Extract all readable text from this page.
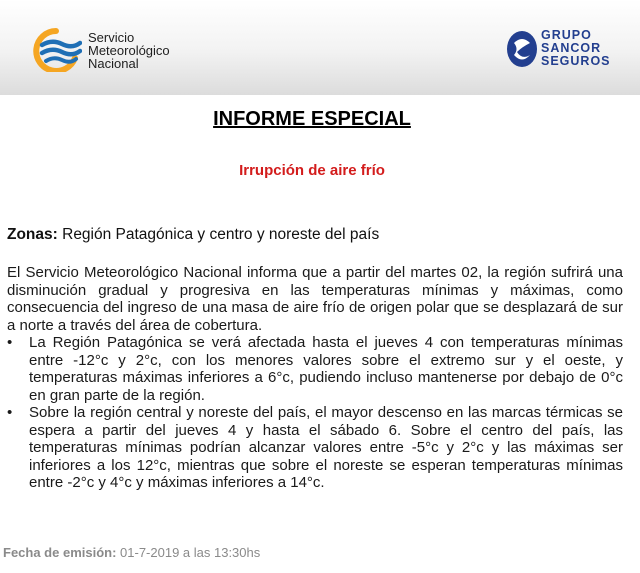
Servicio
Meteorológico
Nacional
GRUPO
SANCOR
SEGUROS
INFORME ESPECIAL
Irrupción de aire frío
Zonas: Región Patagónica y centro y noreste del país

El Servicio Meteorológico Nacional informa que a partir del martes 02, la región sufrirá una disminución gradual y progresiva en las temperaturas mínimas y máximas, como consecuencia del ingreso de una masa de aire frío de origen polar que se desplazará de sur a norte a través del área de cobertura.

• La Región Patagónica se verá afectada hasta el jueves 4 con temperaturas mínimas entre -12°c y 2°c, con los menores valores sobre el extremo sur y el oeste, y temperaturas máximas inferiores a 6°c, pudiendo incluso mantenerse por debajo de 0°c en gran parte de la región.
• Sobre la región central y noreste del país, el mayor descenso en las marcas térmicas se espera a partir del jueves 4 y hasta el sábado 6. Sobre el centro del país, las temperaturas mínimas podrían alcanzar valores entre -5°c y 2°c y las máximas ser inferiores a los 12°c, mientras que sobre el noreste se esperan temperaturas mínimas entre -2°c y 4°c y máximas inferiores a 14°c.
Fecha de emisión: 01-7-2019 a las 13:30hs
